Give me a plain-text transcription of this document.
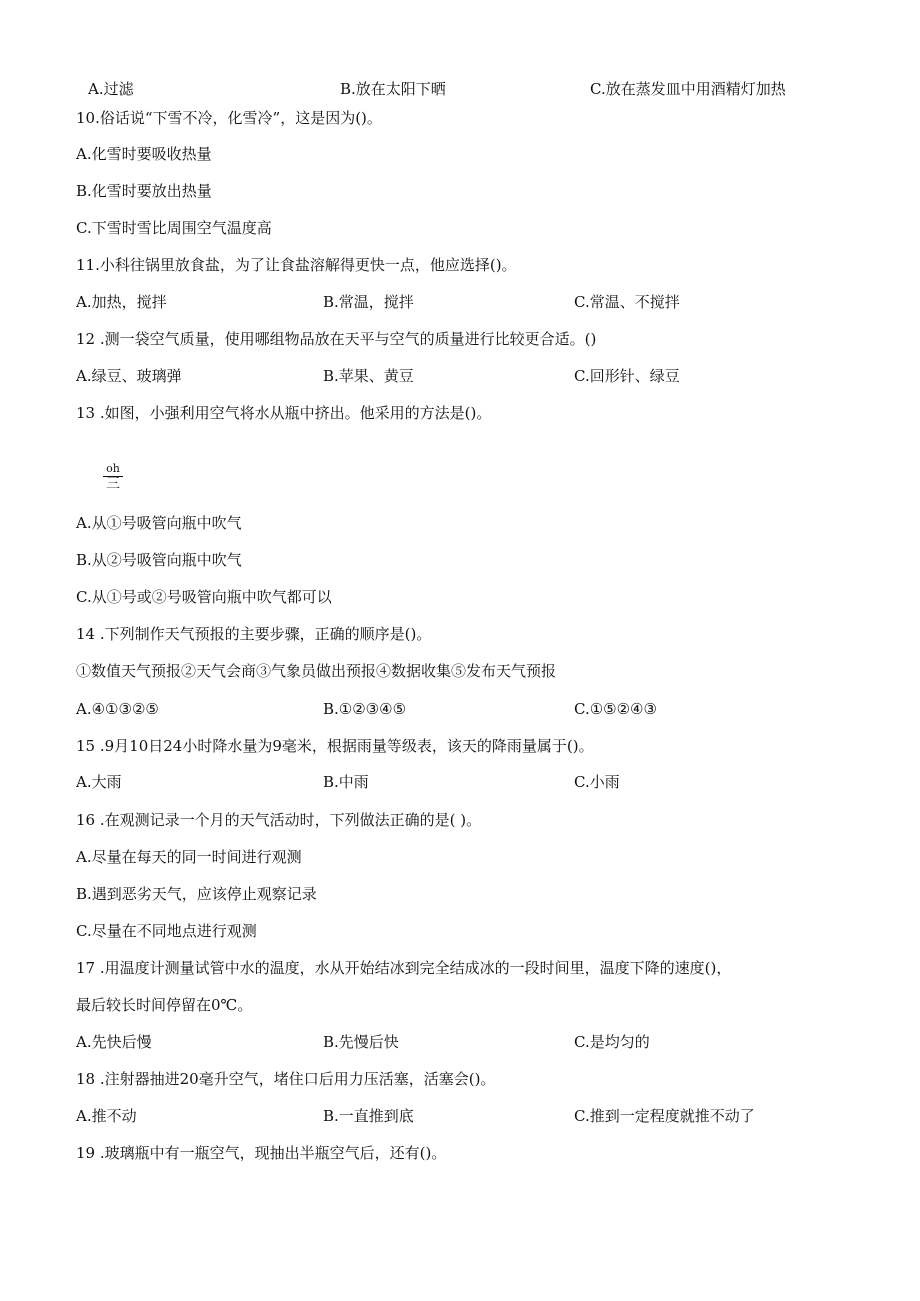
A.过滤	B.放在太阳下晒	C.放在蒸发皿中用酒精灯加热
10.俗话说“下雪不冷，化雪冷”，这是因为()。
A.化雪时要吸收热量
B.化雪时要放出热量
C.下雪时雪比周围空气温度高
11.小科往锅里放食盐，为了让食盐溶解得更快一点，他应选择()。
A.加热，搅拌	B.常温，搅拌	C.常温、不搅拌
12 .测一袋空气质量，使用哪组物品放在天平与空气的质量进行比较更合适。()
A.绿豆、玻璃弹	B.苹果、黄豆	C.回形针、绿豆
13 .如图，小强利用空气将水从瓶中挤出。他采用的方法是()。
oh
三
A.从①号吸管向瓶中吹气
B.从②号吸管向瓶中吹气
C.从①号或②号吸管向瓶中吹气都可以
14 .下列制作天气预报的主要步骤，正确的顺序是()。
①数值天气预报②天气会商③气象员做出预报④数据收集⑤发布天气预报
A.④①③②⑤	B.①②③④⑤	C.①⑤②④③
15 .9月10日24小时降水量为9毫米，根据雨量等级表，该天的降雨量属于()。
A.大雨	B.中雨	C.小雨
16 .在观测记录一个月的天气活动时，下列做法正确的是( )。
A.尽量在每天的同一时间进行观测
B.遇到恶劣天气，应该停止观察记录
C.尽量在不同地点进行观测
17 .用温度计测量试管中水的温度，水从开始结冰到完全结成冰的一段时间里，温度下降的速度()，
最后较长时间停留在0℃。
A.先快后慢	B.先慢后快	C.是均匀的
18 .注射器抽进20毫升空气，堵住口后用力压活塞，活塞会()。
A.推不动	B.一直推到底	C.推到一定程度就推不动了
19 .玻璃瓶中有一瓶空气，现抽出半瓶空气后，还有()。
